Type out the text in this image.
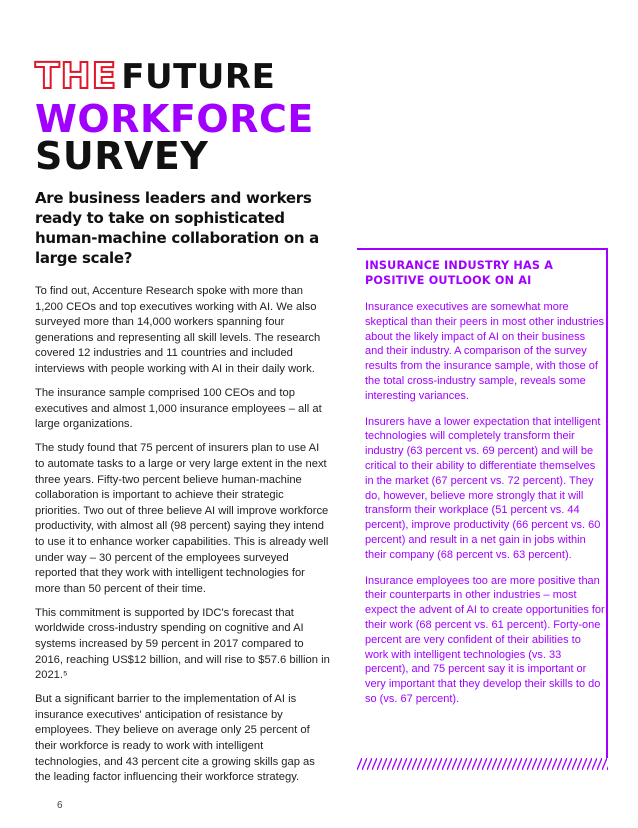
THE FUTURE
WORKFORCE
SURVEY
Are business leaders and workers ready to take on sophisticated human-machine collaboration on a large scale?

To find out, Accenture Research spoke with more than 1,200 CEOs and top executives working with AI. We also surveyed more than 14,000 workers spanning four generations and representing all skill levels. The research covered 12 industries and 11 countries and included interviews with people working with AI in their daily work.

The insurance sample comprised 100 CEOs and top executives and almost 1,000 insurance employees – all at large organizations.

The study found that 75 percent of insurers plan to use AI to automate tasks to a large or very large extent in the next three years. Fifty-two percent believe human-machine collaboration is important to achieve their strategic priorities. Two out of three believe AI will improve workforce productivity, with almost all (98 percent) saying they intend to use it to enhance worker capabilities. This is already well under way – 30 percent of the employees surveyed reported that they work with intelligent technologies for more than 50 percent of their time.

This commitment is supported by IDC's forecast that worldwide cross-industry spending on cognitive and AI systems increased by 59 percent in 2017 compared to 2016, reaching US$12 billion, and will rise to $57.6 billion in 2021.⁵

But a significant barrier to the implementation of AI is insurance executives' anticipation of resistance by employees. They believe on average only 25 percent of their workforce is ready to work with intelligent technologies, and 43 percent cite a growing skills gap as the leading factor influencing their workforce strategy.

INSURANCE INDUSTRY HAS A POSITIVE OUTLOOK ON AI

Insurance executives are somewhat more skeptical than their peers in most other industries about the likely impact of AI on their business and their industry. A comparison of the survey results from the insurance sample, with those of the total cross-industry sample, reveals some interesting variances.

Insurers have a lower expectation that intelligent technologies will completely transform their industry (63 percent vs. 69 percent) and will be critical to their ability to differentiate themselves in the market (67 percent vs. 72 percent). They do, however, believe more strongly that it will transform their workplace (51 percent vs. 44 percent), improve productivity (66 percent vs. 60 percent) and result in a net gain in jobs within their company (68 percent vs. 63 percent).

Insurance employees too are more positive than their counterparts in other industries – most expect the advent of AI to create opportunities for their work (68 percent vs. 61 percent). Forty-one percent are very confident of their abilities to work with intelligent technologies (vs. 33 percent), and 75 percent say it is important or very important that they develop their skills to do so (vs. 67 percent).

6
